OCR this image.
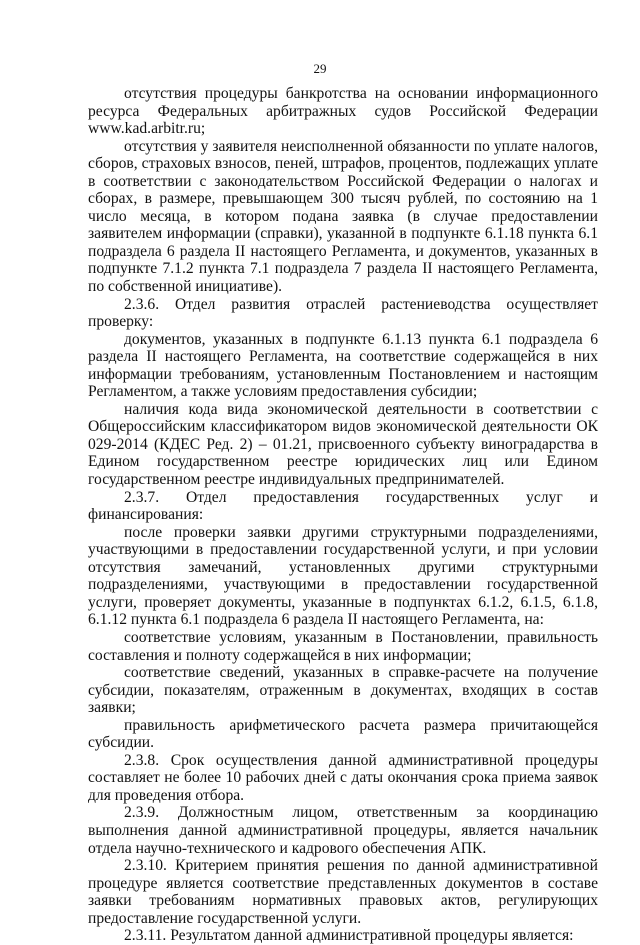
29

отсутствия процедуры банкротства на основании информационного ресурса Федеральных арбитражных судов Российской Федерации www.kad.arbitr.ru;

отсутствия у заявителя неисполненной обязанности по уплате налогов, сборов, страховых взносов, пеней, штрафов, процентов, подлежащих уплате в соответствии с законодательством Российской Федерации о налогах и сборах, в размере, превышающем 300 тысяч рублей, по состоянию на 1 число месяца, в котором подана заявка (в случае предоставлении заявителем информации (справки), указанной в подпункте 6.1.18 пункта 6.1 подраздела 6 раздела II настоящего Регламента, и документов, указанных в подпункте 7.1.2 пункта 7.1 подраздела 7 раздела II настоящего Регламента, по собственной инициативе).

2.3.6. Отдел развития отраслей растениеводства осуществляет проверку:

документов, указанных в подпункте 6.1.13 пункта 6.1 подраздела 6 раздела II настоящего Регламента, на соответствие содержащейся в них информации требованиям, установленным Постановлением и настоящим Регламентом, а также условиям предоставления субсидии;

наличия кода вида экономической деятельности в соответствии с Общероссийским классификатором видов экономической деятельности ОК 029-2014 (КДЕС Ред. 2) – 01.21, присвоенного субъекту виноградарства в Едином государственном реестре юридических лиц или Едином государственном реестре индивидуальных предпринимателей.

2.3.7. Отдел предоставления государственных услуг и финансирования:

после проверки заявки другими структурными подразделениями, участвующими в предоставлении государственной услуги, и при условии отсутствия замечаний, установленных другими структурными подразделениями, участвующими в предоставлении государственной услуги, проверяет документы, указанные в подпунктах 6.1.2, 6.1.5, 6.1.8, 6.1.12 пункта 6.1 подраздела 6 раздела II настоящего Регламента, на:

соответствие условиям, указанным в Постановлении, правильность составления и полноту содержащейся в них информации;

соответствие сведений, указанных в справке-расчете на получение субсидии, показателям, отраженным в документах, входящих в состав заявки;

правильность арифметического расчета размера причитающейся субсидии.

2.3.8. Срок осуществления данной административной процедуры составляет не более 10 рабочих дней с даты окончания срока приема заявок для проведения отбора.

2.3.9. Должностным лицом, ответственным за координацию выполнения данной административной процедуры, является начальник отдела научно-технического и кадрового обеспечения АПК.

2.3.10. Критерием принятия решения по данной административной процедуре является соответствие представленных документов в составе заявки требованиям нормативных правовых актов, регулирующих предоставление государственной услуги.

2.3.11. Результатом данной административной процедуры является:
